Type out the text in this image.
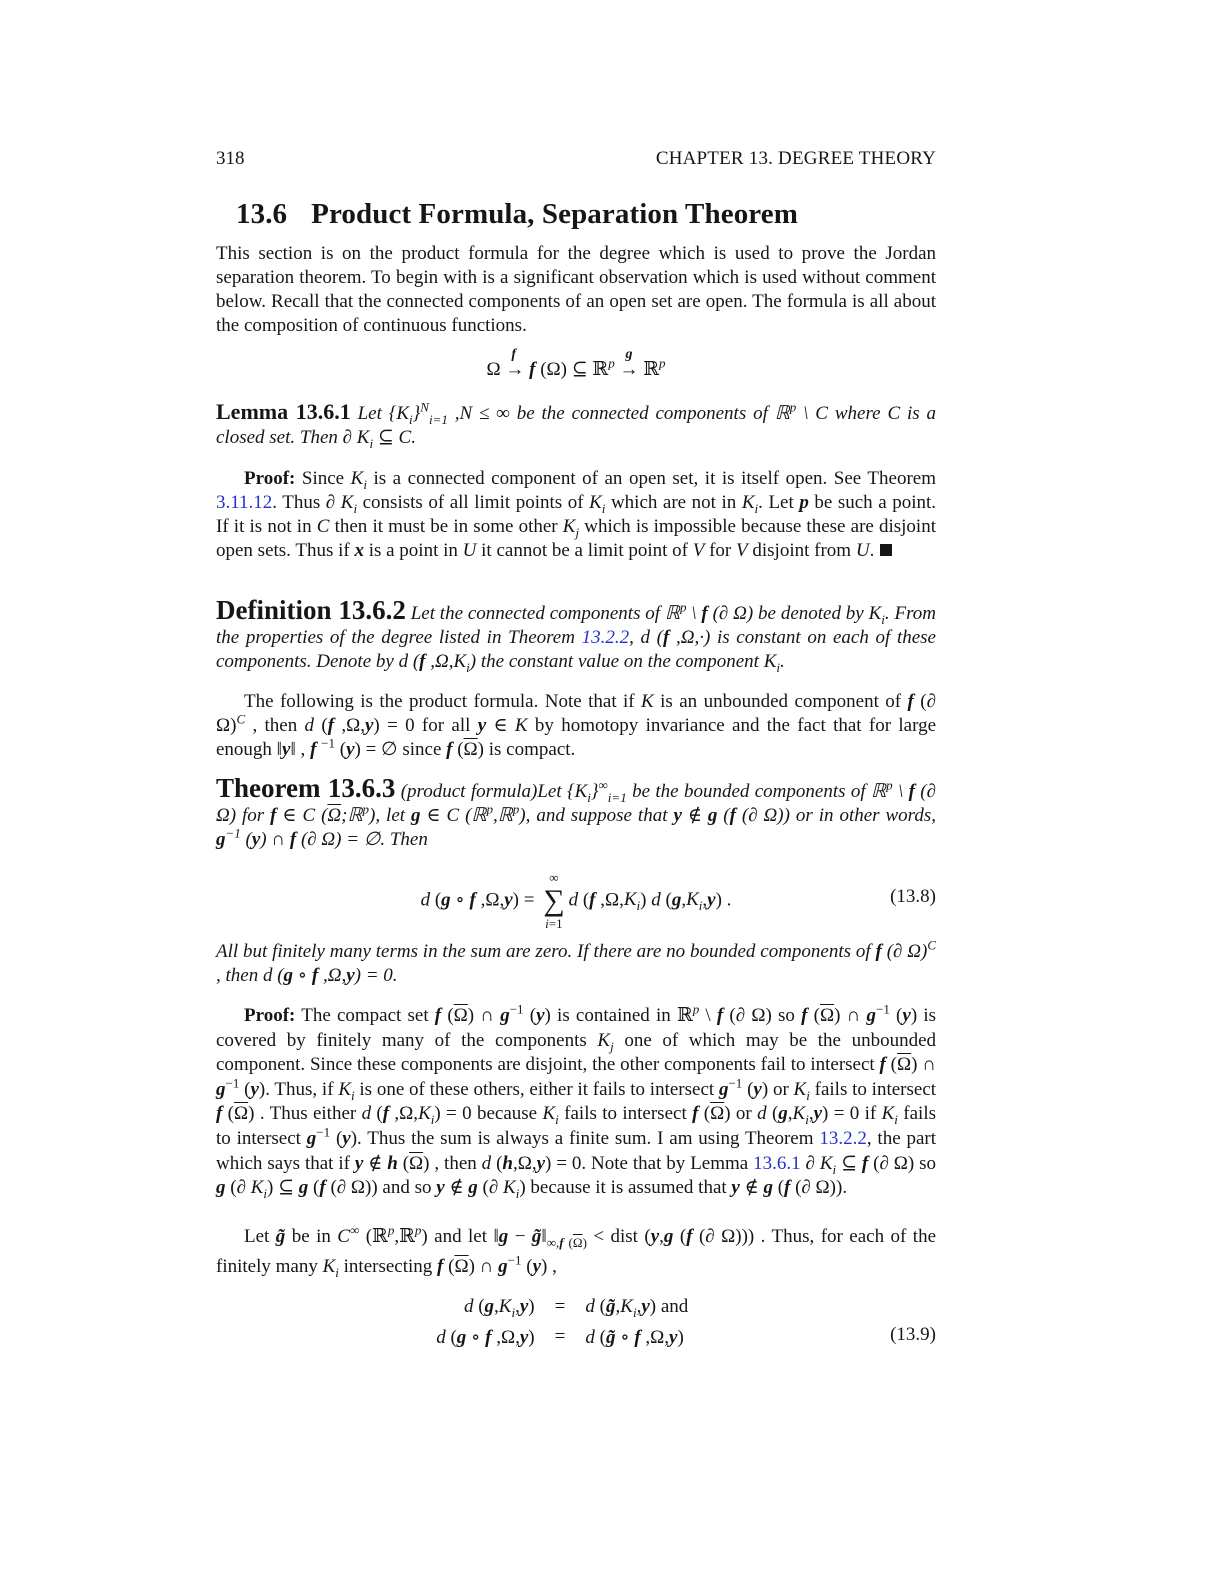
318	CHAPTER 13. DEGREE THEORY
13.6 Product Formula, Separation Theorem
This section is on the product formula for the degree which is used to prove the Jordan separation theorem. To begin with is a significant observation which is used without comment below. Recall that the connected components of an open set are open. The formula is all about the composition of continuous functions.
Ω
f
→ f (Ω) ⊆ ℝ$^p$
g
→ ℝ$^p$
Lemma 13.6.1 Let $\{K_i\}^N_{i=1}$ ,N ≤ ∞ be the connected components of ℝ$^p$ \ C where C is a closed set. Then ∂ $K_i$ ⊆ C.
Proof: Since $K_i$ is a connected component of an open set, it is itself open. See Theorem 3.11.12. Thus ∂ $K_i$ consists of all limit points of $K_i$ which are not in $K_i$. Let p be such a point. If it is not in C then it must be in some other $K_j$ which is impossible because these are disjoint open sets. Thus if x is a point in U it cannot be a limit point of V for V disjoint from U.
Definition 13.6.2 Let the connected components of ℝ$^p$ \ f (∂ Ω) be denoted by $K_i$. From the properties of the degree listed in Theorem 13.2.2, d (f ,Ω,·) is constant on each of these components. Denote by d (f $,\Omega,K_i$) the constant value on the component $K_i$.
The following is the product formula. Note that if K is an unbounded component of f (∂ Ω)$^C$ , then d (f ,Ω,y) = 0 for all y ∈ K by homotopy invariance and the fact that for large enough ‖y‖ , f $^{-1}$ (y) = ∅ since f $(\overline{\Omega})$ is compact.
Theorem 13.6.3 (product formula)Let $\{K_i\}^\infty_{i=1}$ be the bounded components of ℝ$^p$ \ f (∂ Ω) for f ∈ C $(\overline{\Omega};ℝ^p)$, let g ∈ C (ℝ$^p$,ℝ$^p$), and suppose that y ∉ g (f (∂ Ω)) or in other words, $g^{-1}$ (y) ∩ f (∂ Ω) = ∅. Then
d (g ∘ f ,Ω,y) =
∞
∑
i=1
d (f $,\Omega,K_i$) d $(g,K_i,y)$ .	(13.8)
All but finitely many terms in the sum are zero. If there are no bounded components of f (∂ Ω)$^C$ , then d (g ∘ f ,Ω,y) = 0.
Proof: The compact set f $(\overline{\Omega})$ ∩ $g^{-1}$ (y) is contained in ℝ$^p$ \ f (∂ Ω) so f $(\overline{\Omega})$ ∩ $g^{-1}$ (y) is covered by finitely many of the components $K_j$ one of which may be the unbounded component. Since these components are disjoint, the other components fail to intersect f $(\overline{\Omega})$ ∩ $g^{-1}$ (y). Thus, if $K_i$ is one of these others, either it fails to intersect $g^{-1}$ (y) or $K_i$ fails to intersect f $(\overline{\Omega})$ . Thus either d (f $,\Omega,K_i) = 0$ because $K_i$ fails to intersect f $(\overline{\Omega})$ or d $(g,K_i,y) = 0$ if $K_i$ fails to intersect $g^{-1}$ (y). Thus the sum is always a finite sum. I am using Theorem 13.2.2, the part which says that if y ∉ h $(\overline{\Omega})$ , then d (h,Ω,y) = 0. Note that by Lemma 13.6.1 ∂ $K_i$ ⊆ f (∂ Ω) so g (∂ $K_i$) ⊆ g (f (∂ Ω)) and so y ∉ g (∂ $K_i$) because it is assumed that y ∉ g (f (∂ Ω)).
Let g̃ be in C∞ (ℝ$^p$,ℝ$^p$) and let ‖g − $g̃‖_{\infty,f (\overline{\Omega})}$ < dist (y,g (f (∂ Ω))) . Thus, for each of the finitely many $K_i$ intersecting f $(\overline{\Omega})$ ∩ $g^{-1}$ (y) ,
d $(g,K_i,y)$	=	d $(g̃,K_i,y)$ and
d (g ∘ f ,Ω,y)	=	d (g̃ ∘ f ,Ω,y)	(13.9)
